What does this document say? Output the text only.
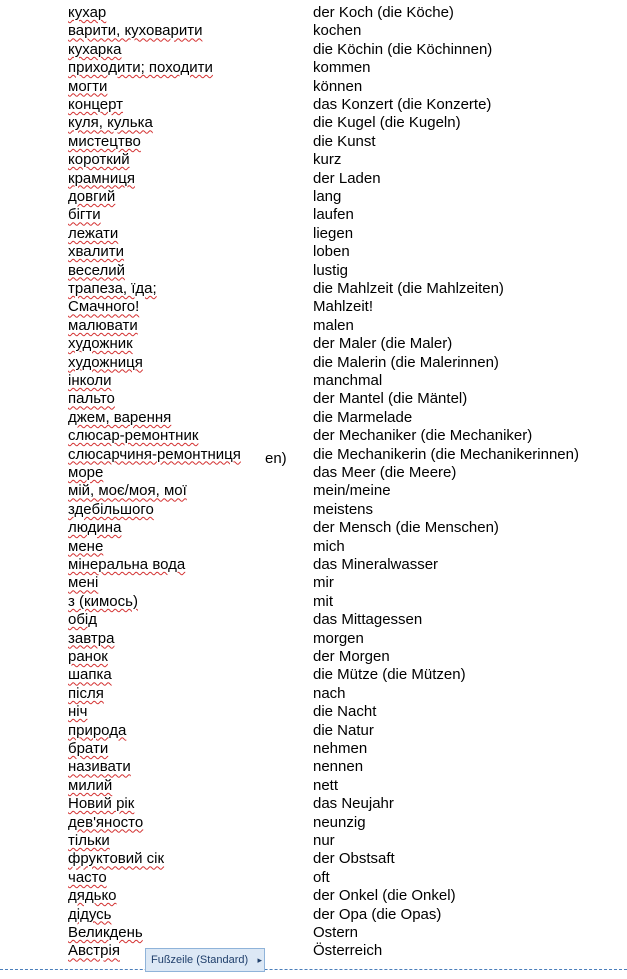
кухар	der Koch (die Köche)
варити, куховарити	kochen
кухарка	die Köchin (die Köchinnen)
приходити; походити	kommen
могти	können
концерт	das Konzert (die Konzerte)
куля, кулька	die Kugel (die Kugeln)
мистецтво	die Kunst
короткий	kurz
крамниця	der Laden
довгий	lang
бігти	laufen
лежати	liegen
хвалити	loben
веселий	lustig
трапеза, їда;	die Mahlzeit (die Mahlzeiten)
Смачного!	Mahlzeit!
малювати	malen
художник	der Maler (die Maler)
художниця	die Malerin (die Malerinnen)
інколи	manchmal
пальто	der Mantel (die Mäntel)
джем, варення	die Marmelade
слюсар-ремонтник	der Mechaniker (die Mechaniker)
слюсарчиня-ремонтниця	die Mechanikerin (die Mechanikerinnen)
море	das Meer (die Meere)
мій, моє/моя, мої	mein/meine
здебільшого	meistens
людина	der Mensch (die Menschen)
мене	mich
мінеральна вода	das Mineralwasser
мені	mir
з (кимось)	mit
обід	das Mittagessen
завтра	morgen
ранок	der Morgen
шапка	die Mütze (die Mützen)
після	nach
ніч	die Nacht
природа	die Natur
брати	nehmen
називати	nennen
милий	nett
Новий рік	das Neujahr
дев'яносто	neunzig
тільки	nur
фруктовий сік	der Obstsaft
часто	oft
дядько	der Onkel (die Onkel)
дідусь	der Opa (die Opas)
Великдень	Ostern
Австрія	Österreich
en)
Fußzeile (Standard) ▸
